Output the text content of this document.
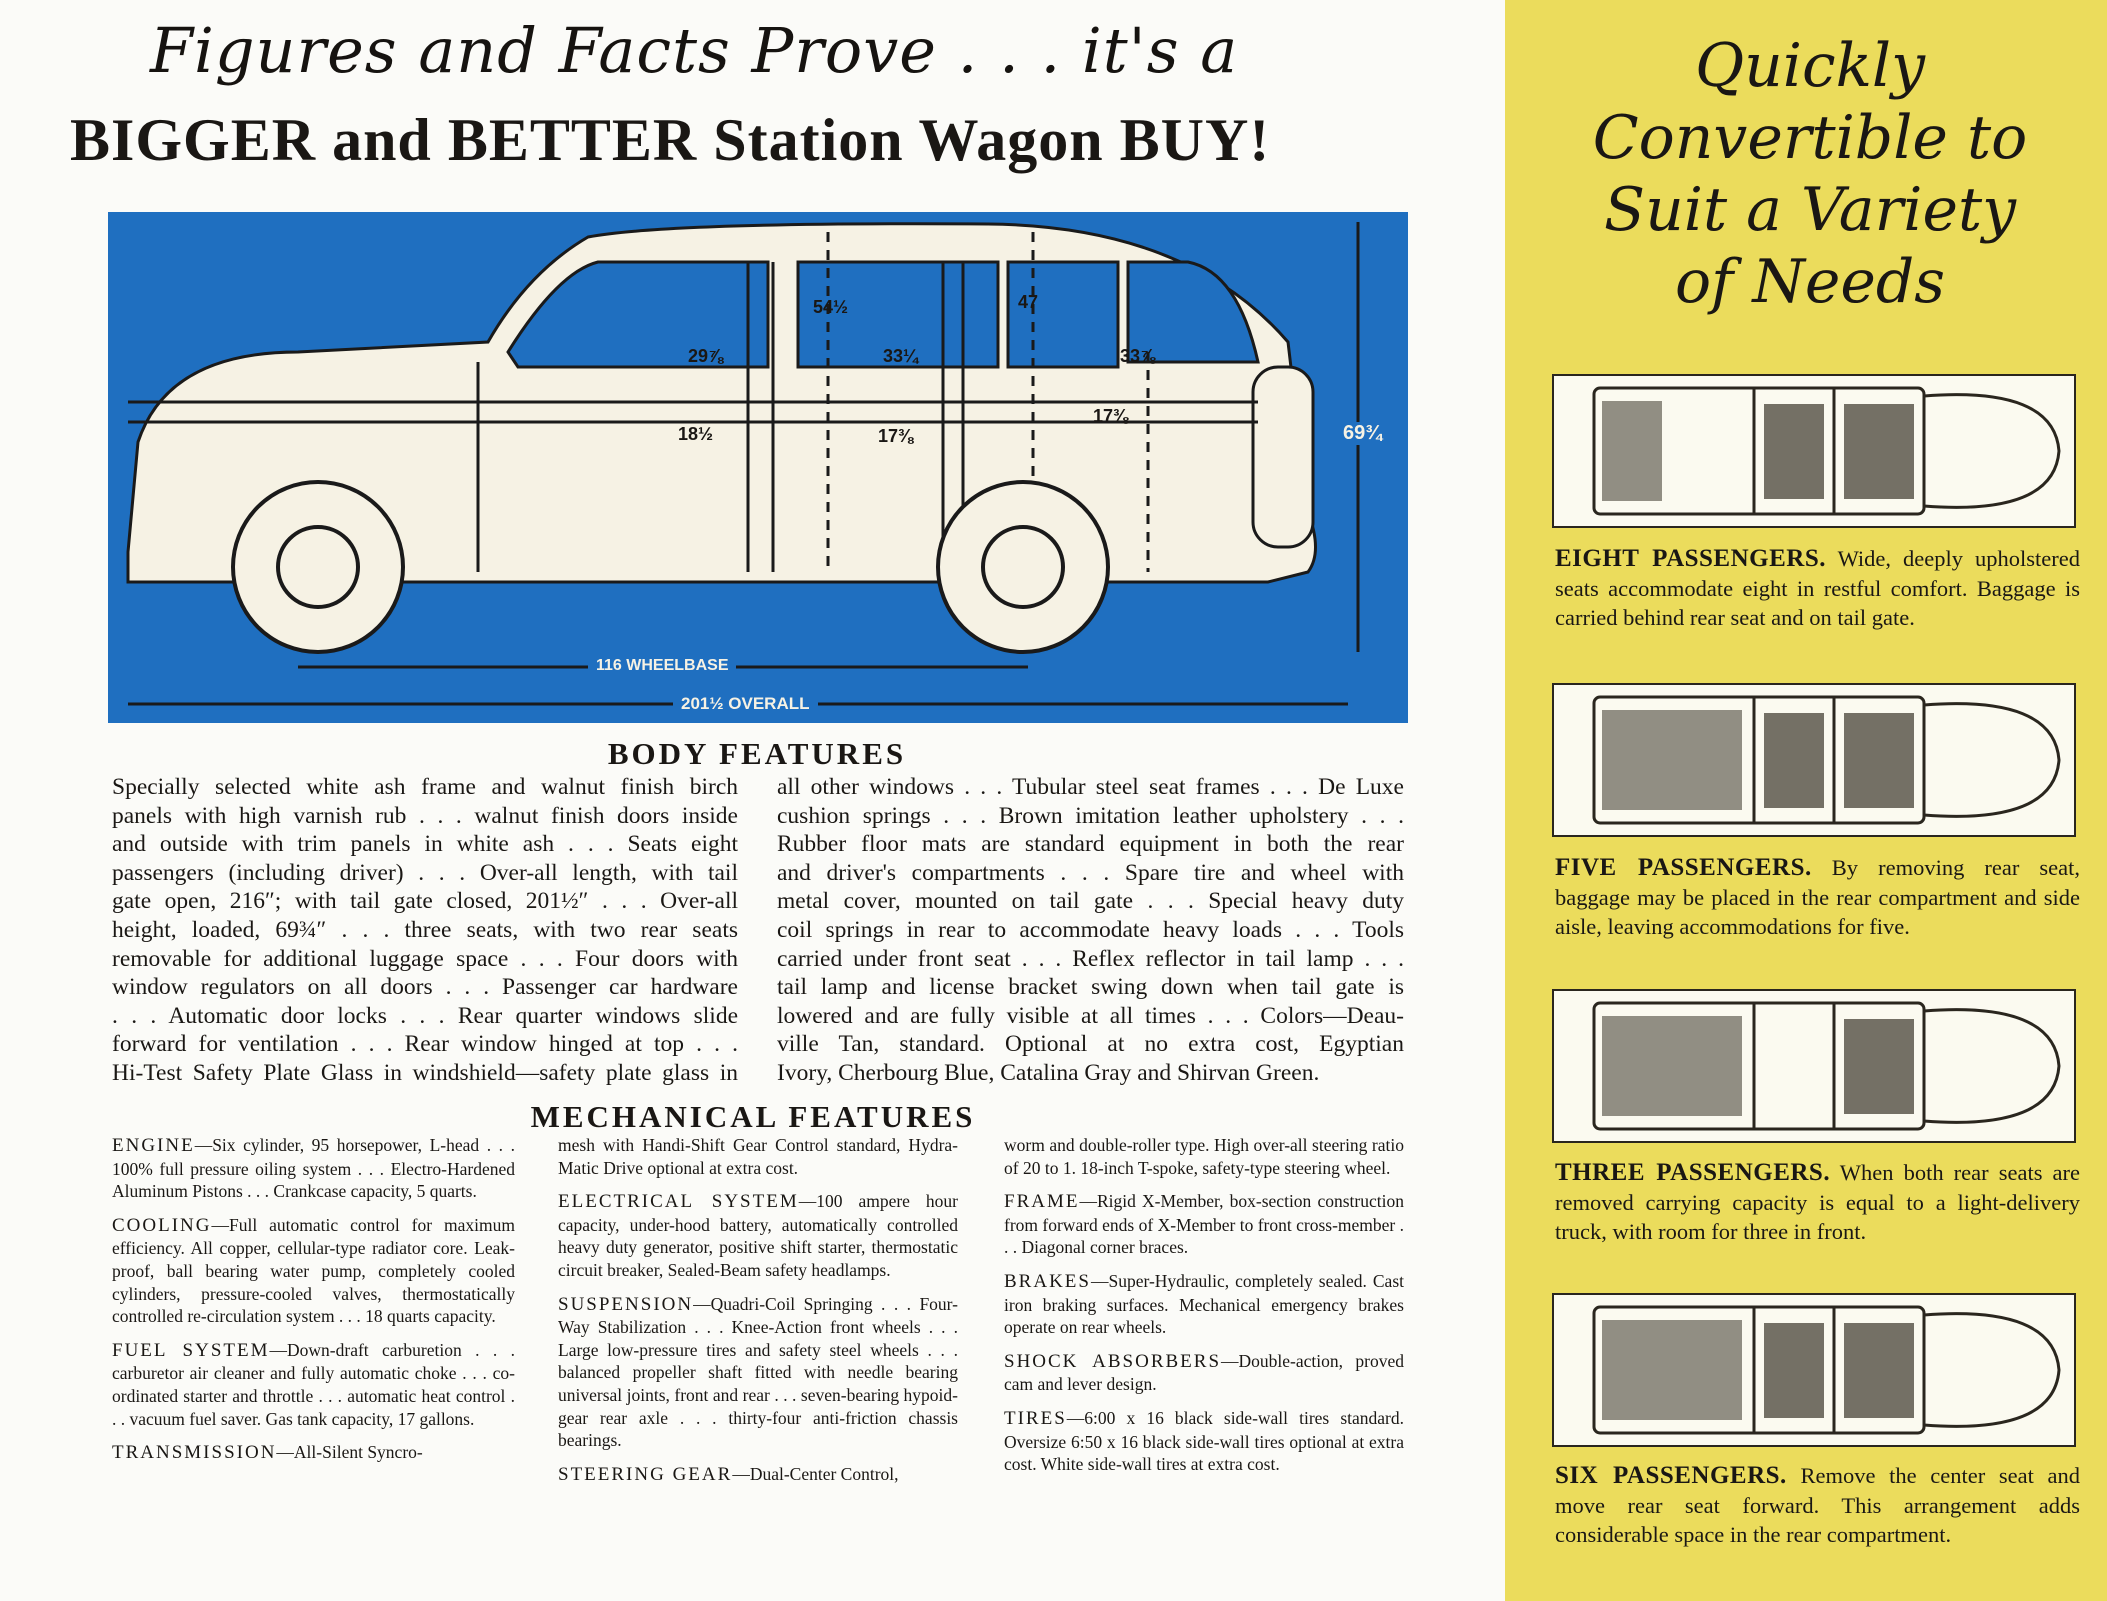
Figures and Facts Prove . . . it's a
BIGGER and BETTER Station Wagon BUY!
54½	47
29⅞	33¼	33⅞
18½	17⅜
17⅜
69¾
116 WHEELBASE
201½ OVERALL
BODY FEATURES
Specially selected white ash frame and walnut finish birch
panels with high varnish rub . . . walnut finish doors inside
and outside with trim panels in white ash . . . Seats eight
passengers (including driver) . . . Over-all length, with tail
gate open, 216″; with tail gate closed, 201½″ . . . Over-all
height, loaded, 69¾″ . . . three seats, with two rear seats
removable for additional luggage space . . . Four doors with
window regulators on all doors . . . Passenger car hardware
. . . Automatic door locks . . . Rear quarter windows slide
forward for ventilation . . . Rear window hinged at top . . .
Hi-Test Safety Plate Glass in windshield—safety plate glass in
all other windows . . . Tubular steel seat frames . . . De Luxe
cushion springs . . . Brown imitation leather upholstery . . .
Rubber floor mats are standard equipment in both the rear
and driver's compartments . . . Spare tire and wheel with
metal cover, mounted on tail gate . . . Special heavy duty
coil springs in rear to accommodate heavy loads . . . Tools
carried under front seat . . . Reflex reflector in tail lamp . . .
tail lamp and license bracket swing down when tail gate is
lowered and are fully visible at all times . . . Colors—Deau-
ville Tan, standard. Optional at no extra cost, Egyptian
Ivory, Cherbourg Blue, Catalina Gray and Shirvan Green.
MECHANICAL FEATURES

ENGINE—Six cylinder, 95 horsepower, L-head . . . 100% full pressure oiling system . . . Electro-Hardened Aluminum Pistons . . . Crankcase capacity, 5 quarts.

COOLING—Full automatic control for maximum efficiency. All copper, cellular-type radiator core. Leak-proof, ball bearing water pump, completely cooled cylinders, pressure-cooled valves, thermostatically controlled re-circulation system . . . 18 quarts capacity.

FUEL SYSTEM—Down-draft carburetion . . . carburetor air cleaner and fully automatic choke . . . co-ordinated starter and throttle . . . automatic heat control . . . vacuum fuel saver. Gas tank capacity, 17 gallons.

TRANSMISSION—All-Silent Syncro-

mesh with Handi-Shift Gear Control standard, Hydra-Matic Drive optional at extra cost.

ELECTRICAL SYSTEM—100 ampere hour capacity, under-hood battery, automatically controlled heavy duty generator, positive shift starter, thermostatic circuit breaker, Sealed-Beam safety headlamps.

SUSPENSION—Quadri-Coil Springing . . . Four-Way Stabilization . . . Knee-Action front wheels . . . Large low-pressure tires and safety steel wheels . . . balanced propeller shaft fitted with needle bearing universal joints, front and rear . . . seven-bearing hypoid-gear rear axle . . . thirty-four anti-friction chassis bearings.

STEERING GEAR—Dual-Center Control,

worm and double-roller type. High over-all steering ratio of 20 to 1. 18-inch T-spoke, safety-type steering wheel.

FRAME—Rigid X-Member, box-section construction from forward ends of X-Member to front cross-member . . . Diagonal corner braces.

BRAKES—Super-Hydraulic, completely sealed. Cast iron braking surfaces. Mechanical emergency brakes operate on rear wheels.

SHOCK ABSORBERS—Double-action, proved cam and lever design.

TIRES—6:00 x 16 black side-wall tires standard. Oversize 6:50 x 16 black side-wall tires optional at extra cost. White side-wall tires at extra cost.

Quickly
Convertible to
Suit a Variety
of Needs
EIGHT PASSENGERS. Wide, deeply upholstered seats accommodate eight in restful comfort. Baggage is carried behind rear seat and on tail gate.
FIVE PASSENGERS. By removing rear seat, baggage may be placed in the rear compartment and side aisle, leaving accommodations for five.
THREE PASSENGERS. When both rear seats are removed carrying capacity is equal to a light-delivery truck, with room for three in front.
SIX PASSENGERS. Remove the center seat and move rear seat forward. This arrangement adds considerable space in the rear compartment.
